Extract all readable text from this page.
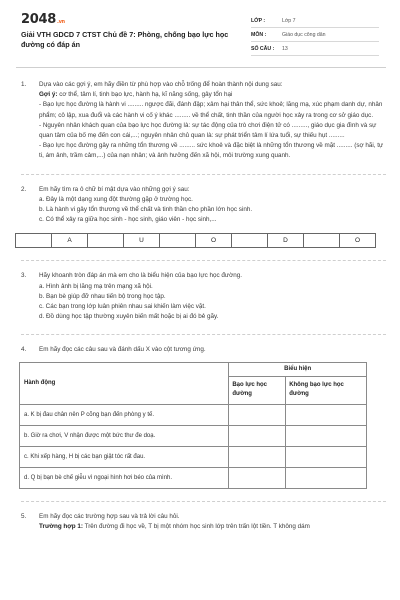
2048.vn
Giải VTH GDCD 7 CTST Chủ đề 7: Phòng, chống bạo lực học đường có đáp án
LỚP :	Lớp 7
MÔN :	Giáo dục công dân
SỐ CÂU :	13
1.	Dựa vào các gợi ý, em hãy điền từ phù hợp vào chỗ trống để hoàn thành nội dung sau:
Gợi ý: cơ thể, tâm lí, tinh bạo lực, hành hạ, kĩ năng sống, gây tổn hại
- Bạo lực học đường là hành vi ......... ngược đãi, đánh đập; xâm hại thân thể, sức khoẻ; lăng mạ, xúc phạm danh dự, nhân phẩm; cô lập, xua đuổi và các hành vi cố ý khác ......... về thể chất, tinh thần của người học xảy ra trong cơ sở giáo dục.
- Nguyên nhân khách quan của bạo lực học đường là: sự tác động của trò chơi điện tử có ........., giáo dục gia đình và sự quan tâm của bố mẹ đến con cái,...; nguyên nhân chủ quan là: sự phát triển tâm lí lứa tuổi, sự thiếu hụt .........
- Bạo lực học đường gây ra những tổn thương về ......... sức khoẻ và đặc biệt là những tổn thương về mặt ......... (sợ hãi, tự ti, ám ảnh, trầm cảm,...) của nạn nhân; và ảnh hưởng đến xã hội, môi trường xung quanh.
2.	Em hãy tìm ra ô chữ bí mật dựa vào những gợi ý sau:
a. Đây là một dạng xung đột thường gặp ở trường học.
b. Là hành vi gây tổn thương về thể chất và tinh thần cho phần lớn học sinh.
c. Có thể xảy ra giữa học sinh - học sinh, giáo viên - học sinh,...
A	U	O	D	O
3.	Hãy khoanh tròn đáp án mà em cho là biểu hiện của bạo lực học đường.
a. Hình ảnh bị lăng mạ trên mạng xã hội.
b. Bạn bè giúp đỡ nhau tiến bộ trong học tập.
c. Các bạn trong lớp luân phiên nhau sai khiến làm việc vặt.
d. Đồ dùng học tập thường xuyên biến mất hoặc bị ai đó bẻ gãy.
4.	Em hãy đọc các câu sau và đánh dấu X vào cột tương ứng.
Hành động	Biểu hiện	
	Bạo lực học đường	Không bạo lực học đường
a. K bị đau chân nên P cõng bạn đến phòng y tế.		
b. Giờ ra chơi, V nhận được một bức thư đe doạ.		
c. Khi xếp hàng, H bị các bạn giật tóc rất đau.		
d. Q bị bạn bè chế giễu vì ngoại hình hơi béo của mình.		
5.	Em hãy đọc các trường hợp sau và trả lời câu hỏi.
Trường hợp 1: Trên đường đi học về, T bị một nhóm học sinh lớp trên trấn lột tiền. T không dám
